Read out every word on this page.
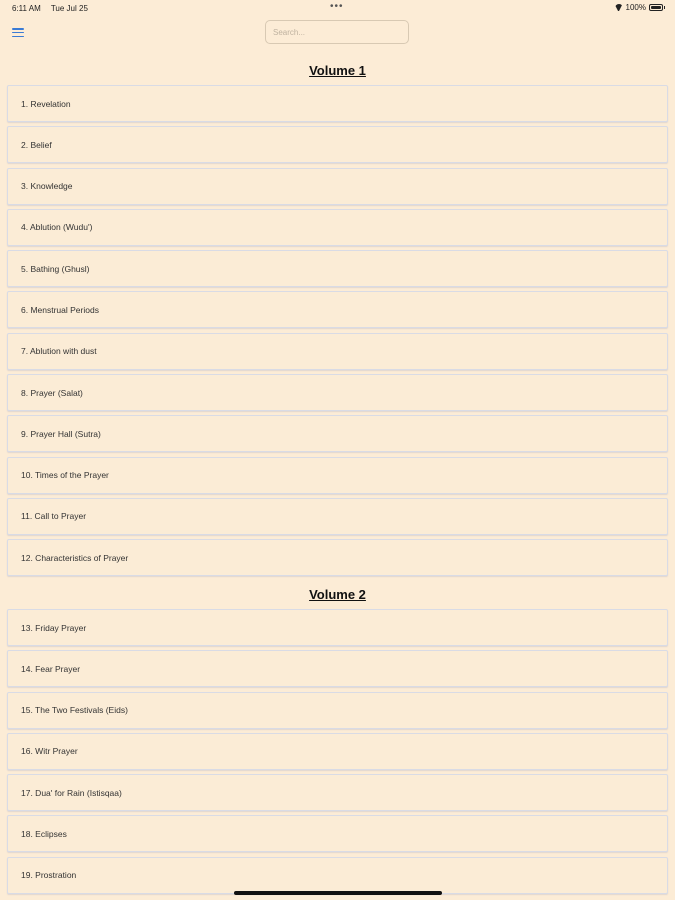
6:11 AM Tue Jul 25	•••	100%
Search...
Volume 1
1. Revelation
2. Belief
3. Knowledge
4. Ablution (Wudu')
5. Bathing (Ghusl)
6. Menstrual Periods
7. Ablution with dust
8. Prayer (Salat)
9. Prayer Hall (Sutra)
10. Times of the Prayer
11. Call to Prayer
12. Characteristics of Prayer
Volume 2
13. Friday Prayer
14. Fear Prayer
15. The Two Festivals (Eids)
16. Witr Prayer
17. Dua' for Rain (Istisqaa)
18. Eclipses
19. Prostration
